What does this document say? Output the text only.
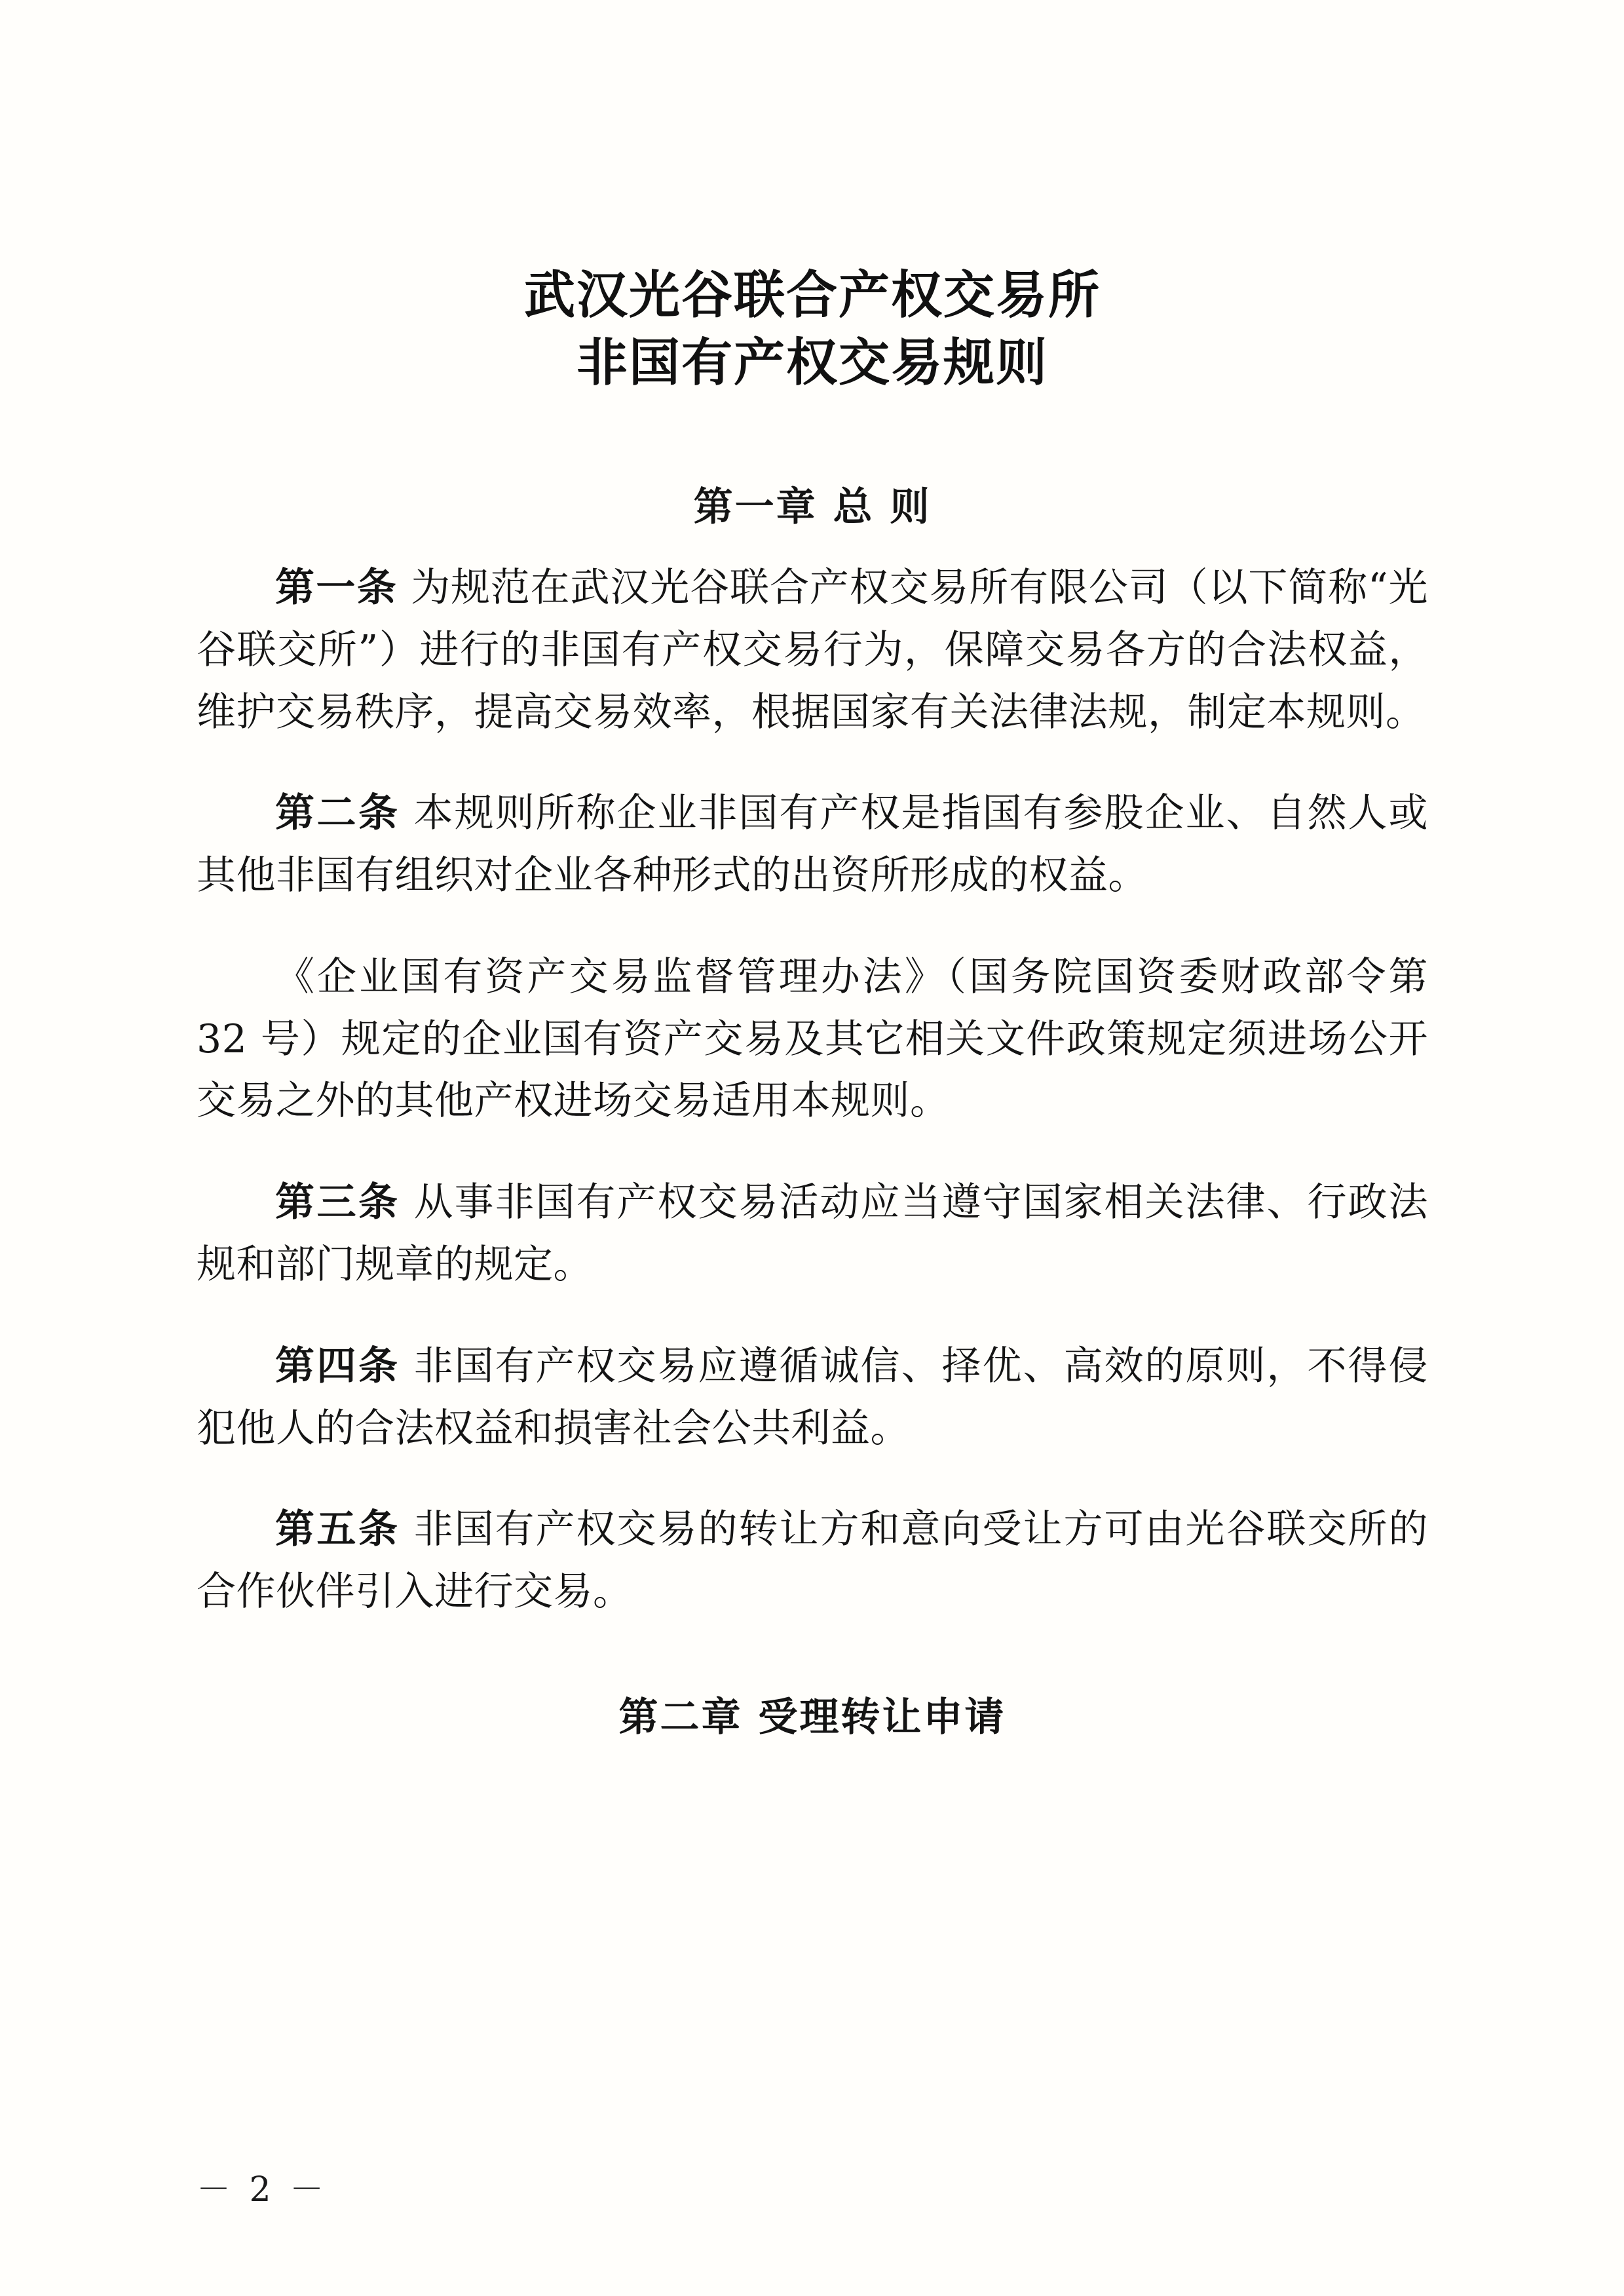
武汉光谷联合产权交易所
非国有产权交易规则
第一章 总 则

第一条 为规范在武汉光谷联合产权交易所有限公司（以下简称“光谷联交所”）进行的非国有产权交易行为，保障交易各方的合法权益，维护交易秩序，提高交易效率，根据国家有关法律法规，制定本规则。

第二条 本规则所称企业非国有产权是指国有参股企业、自然人或其他非国有组织对企业各种形式的出资所形成的权益。

《企业国有资产交易监督管理办法》（国务院国资委财政部令第 32 号）规定的企业国有资产交易及其它相关文件政策规定须进场公开交易之外的其他产权进场交易适用本规则。

第三条 从事非国有产权交易活动应当遵守国家相关法律、行政法规和部门规章的规定。

第四条 非国有产权交易应遵循诚信、择优、高效的原则，不得侵犯他人的合法权益和损害社会公共利益。

第五条 非国有产权交易的转让方和意向受让方可由光谷联交所的合作伙伴引入进行交易。

第二章 受理转让申请
－ 2 －
